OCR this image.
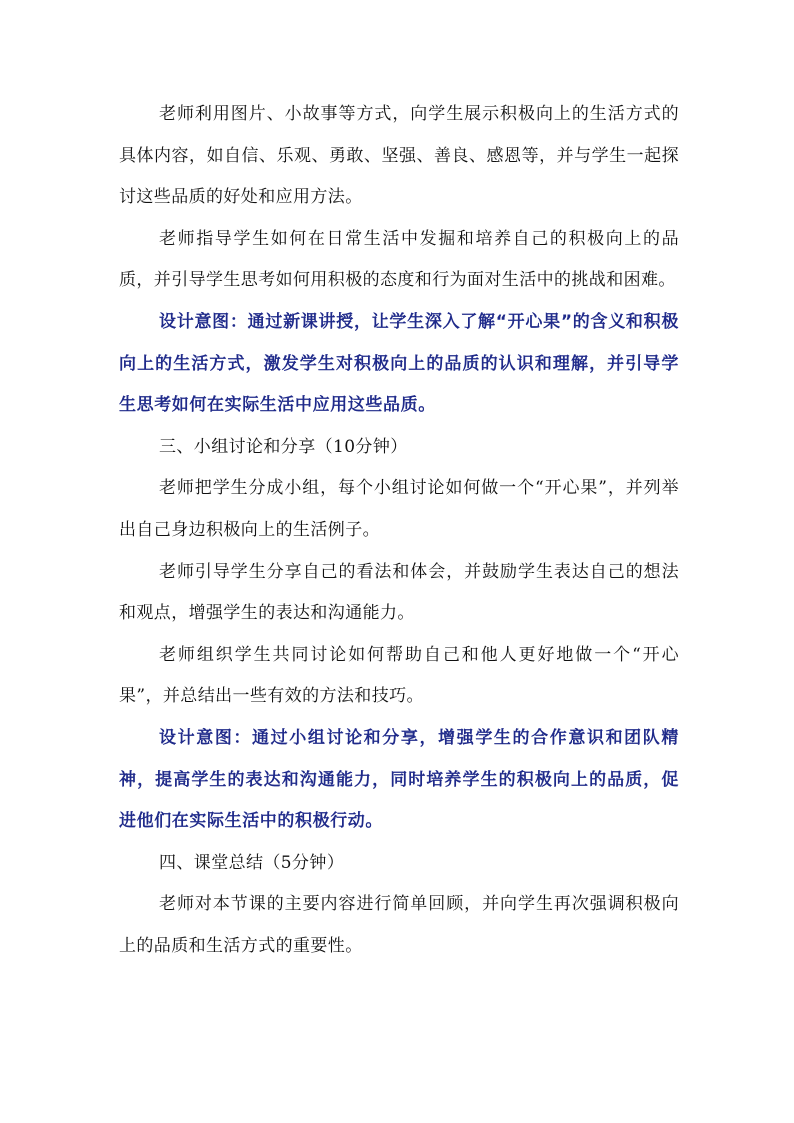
老师利用图片、小故事等方式，向学生展示积极向上的生活方式的具体内容，如自信、乐观、勇敢、坚强、善良、感恩等，并与学生一起探讨这些品质的好处和应用方法。

老师指导学生如何在日常生活中发掘和培养自己的积极向上的品质，并引导学生思考如何用积极的态度和行为面对生活中的挑战和困难。

设计意图：通过新课讲授，让学生深入了解“开心果”的含义和积极向上的生活方式，激发学生对积极向上的品质的认识和理解，并引导学生思考如何在实际生活中应用这些品质。

三、小组讨论和分享（10分钟）

老师把学生分成小组，每个小组讨论如何做一个“开心果”，并列举出自己身边积极向上的生活例子。

老师引导学生分享自己的看法和体会，并鼓励学生表达自己的想法和观点，增强学生的表达和沟通能力。

老师组织学生共同讨论如何帮助自己和他人更好地做一个“开心果”，并总结出一些有效的方法和技巧。

设计意图：通过小组讨论和分享，增强学生的合作意识和团队精神，提高学生的表达和沟通能力，同时培养学生的积极向上的品质，促进他们在实际生活中的积极行动。

四、课堂总结（5分钟）

老师对本节课的主要内容进行简单回顾，并向学生再次强调积极向上的品质和生活方式的重要性。
